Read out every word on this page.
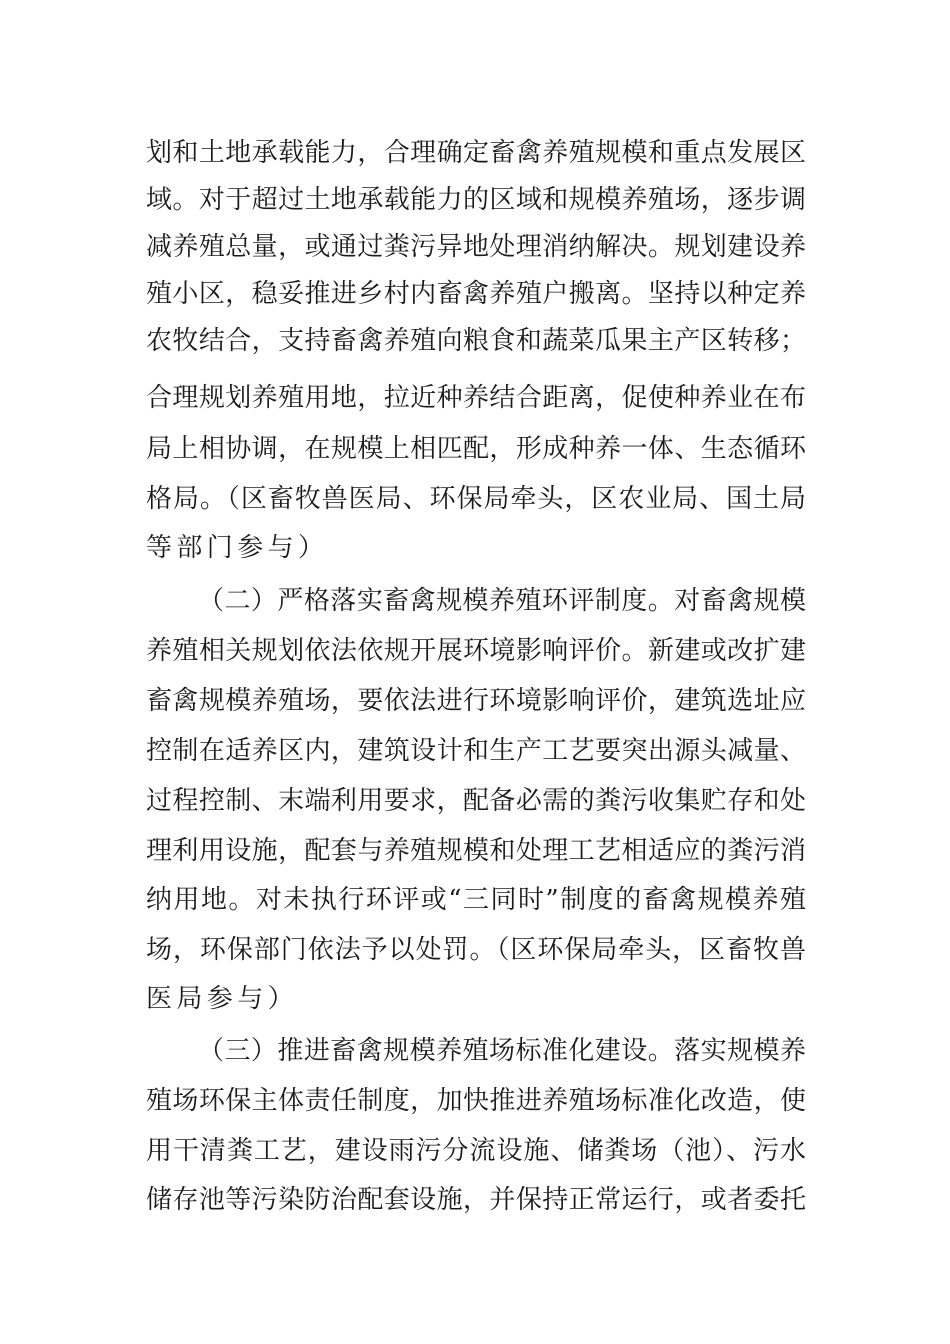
划和土地承载能力，合理确定畜禽养殖规模和重点发展区
域。对于超过土地承载能力的区域和规模养殖场，逐步调
减养殖总量，或通过粪污异地处理消纳解决。规划建设养
殖小区，稳妥推进乡村内畜禽养殖户搬离。坚持以种定养
农牧结合，支持畜禽养殖向粮食和蔬菜瓜果主产区转移；
合理规划养殖用地，拉近种养结合距离，促使种养业在布
局上相协调，在规模上相匹配，形成种养一体、生态循环
格局。（区畜牧兽医局、环保局牵头，区农业局、国土局
等部门参与）
（二）严格落实畜禽规模养殖环评制度。对畜禽规模
养殖相关规划依法依规开展环境影响评价。新建或改扩建
畜禽规模养殖场，要依法进行环境影响评价，建筑选址应
控制在适养区内，建筑设计和生产工艺要突出源头减量、
过程控制、末端利用要求，配备必需的粪污收集贮存和处
理利用设施，配套与养殖规模和处理工艺相适应的粪污消
纳用地。对未执行环评或“三同时”制度的畜禽规模养殖
场，环保部门依法予以处罚。（区环保局牵头，区畜牧兽
医局参与）
（三）推进畜禽规模养殖场标准化建设。落实规模养
殖场环保主体责任制度，加快推进养殖场标准化改造，使
用干清粪工艺，建设雨污分流设施、储粪场（池）、污水
储存池等污染防治配套设施，并保持正常运行，或者委托
